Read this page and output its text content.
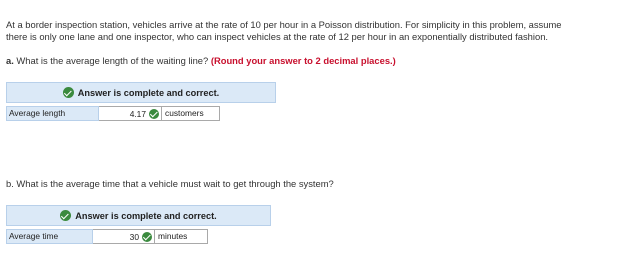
At a border inspection station, vehicles arrive at the rate of 10 per hour in a Poisson distribution. For simplicity in this problem, assume
there is only one lane and one inspector, who can inspect vehicles at the rate of 12 per hour in an exponentially distributed fashion.
a. What is the average length of the waiting line? (Round your answer to 2 decimal places.)
Answer is complete and correct.
Average length	4.17	customers
b. What is the average time that a vehicle must wait to get through the system?
Answer is complete and correct.
Average time	30	minutes
